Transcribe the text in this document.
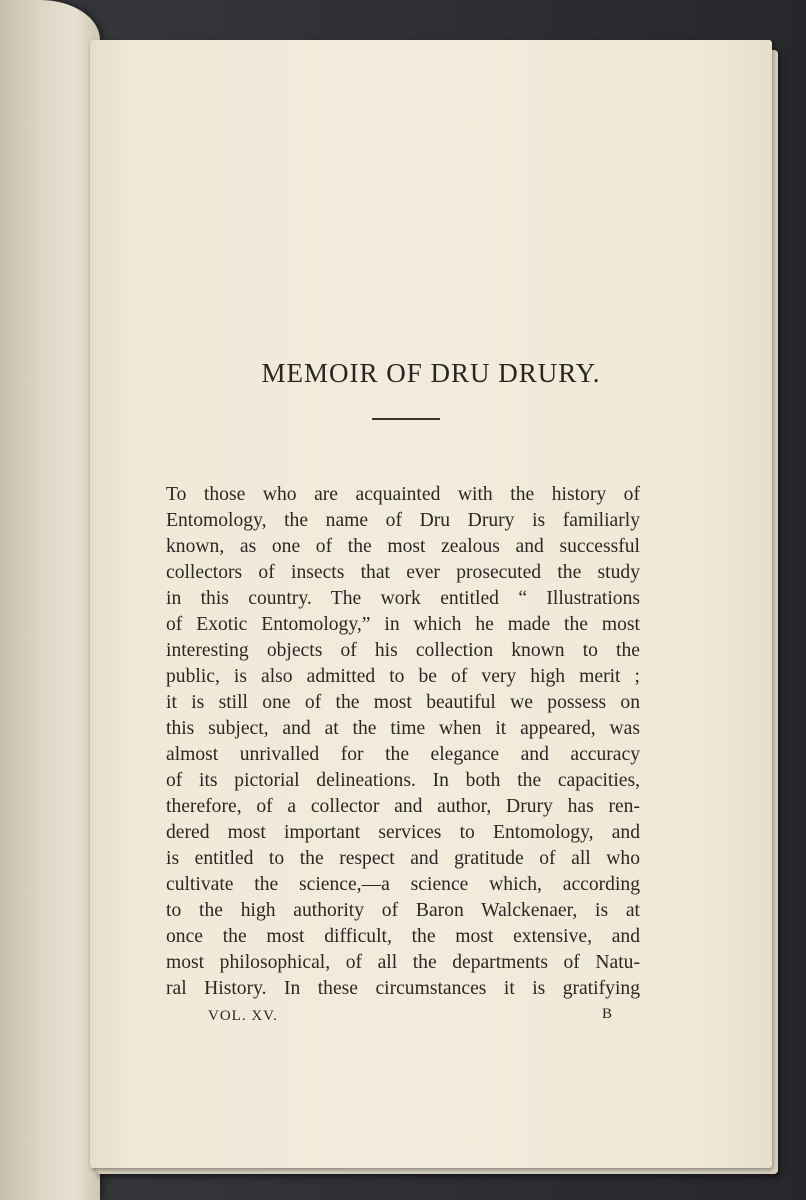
MEMOIR OF DRU DRURY.
To those who are acquainted with the history of
Entomology, the name of Dru Drury is familiarly
known, as one of the most zealous and successful
collectors of insects that ever prosecuted the study
in this country. The work entitled “ Illustrations
of Exotic Entomology,” in which he made the most
interesting objects of his collection known to the
public, is also admitted to be of very high merit ;
it is still one of the most beautiful we possess on
this subject, and at the time when it appeared, was
almost unrivalled for the elegance and accuracy
of its pictorial delineations. In both the capacities,
therefore, of a collector and author, Drury has ren-
dered most important services to Entomology, and
is entitled to the respect and gratitude of all who
cultivate the science,—a science which, according
to the high authority of Baron Walckenaer, is at
once the most difficult, the most extensive, and
most philosophical, of all the departments of Natu-
ral History. In these circumstances it is gratifying
VOL. XV.	B
